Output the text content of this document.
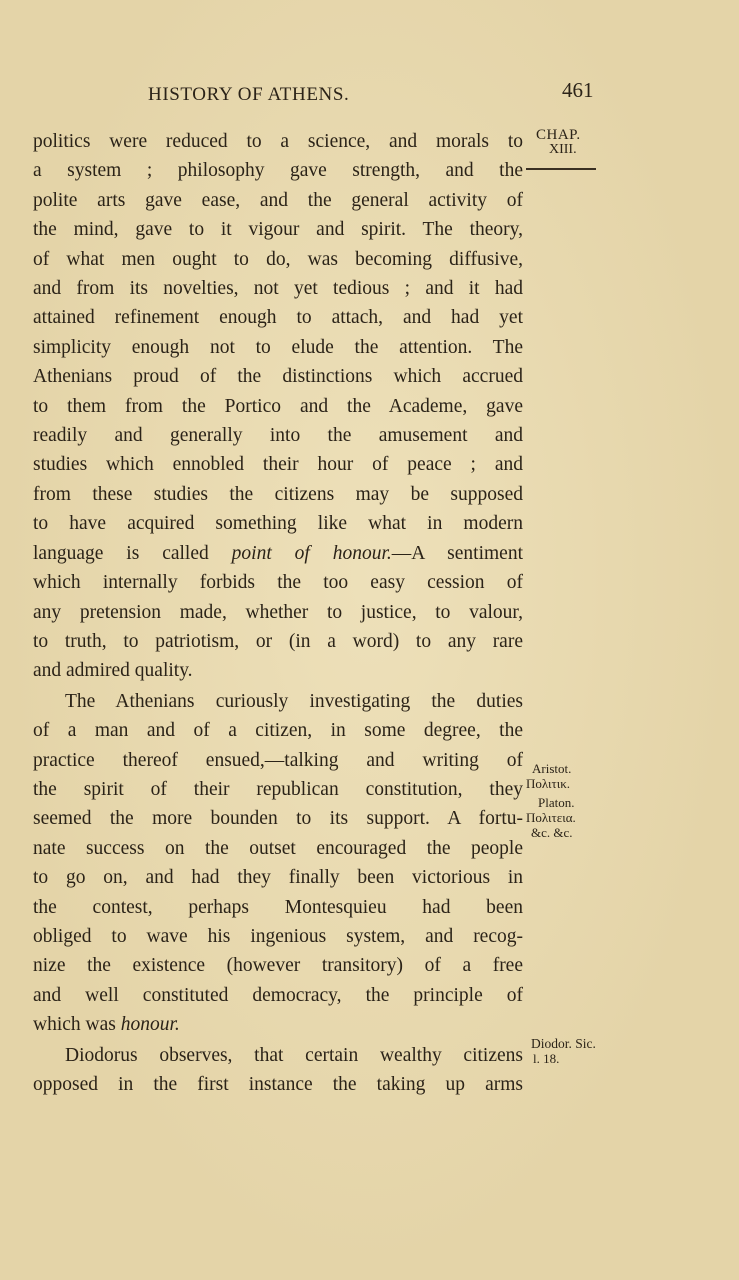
HISTORY OF ATHENS.	461
CHAP.
XIII.
Aristot.
Πολιτικ.
Platon.
Πολιτεια.
&c. &c.
Diodor. Sic.
l. 18.
politics were reduced to a science, and morals to
a system ; philosophy gave strength, and the
polite arts gave ease, and the general activity of
the mind, gave to it vigour and spirit. The theory,
of what men ought to do, was becoming diffusive,
and from its novelties, not yet tedious ; and it had
attained refinement enough to attach, and had yet
simplicity enough not to elude the attention. The
Athenians proud of the distinctions which accrued
to them from the Portico and the Academe, gave
readily and generally into the amusement and
studies which ennobled their hour of peace ; and
from these studies the citizens may be supposed
to have acquired something like what in modern
language is called point of honour.—A sentiment
which internally forbids the too easy cession of
any pretension made, whether to justice, to valour,
to truth, to patriotism, or (in a word) to any rare
and admired quality.
The Athenians curiously investigating the duties
of a man and of a citizen, in some degree, the
practice thereof ensued,—talking and writing of
the spirit of their republican constitution, they
seemed the more bounden to its support. A fortu-
nate success on the outset encouraged the people
to go on, and had they finally been victorious in
the contest, perhaps Montesquieu had been
obliged to wave his ingenious system, and recog-
nize the existence (however transitory) of a free
and well constituted democracy, the principle of
which was honour.
Diodorus observes, that certain wealthy citizens
opposed in the first instance the taking up arms
